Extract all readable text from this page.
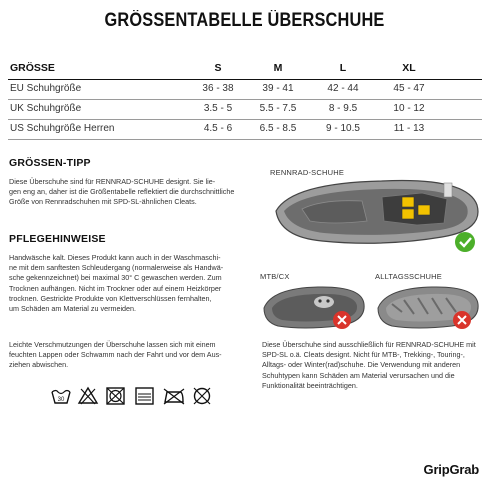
GRÖSSENTABELLE ÜBERSCHUHE
GRÖSSE	S	M	L	XL
EU Schuhgröße	36 - 38	39 - 41	42 - 44	45 - 47
UK Schuhgröße	3.5 - 5	5.5 - 7.5	8 - 9.5	10 - 12
US Schuhgröße Herren	4.5 - 6	6.5 - 8.5	9 - 10.5	11 - 13
GRÖSSEN-TIPP
Diese Überschuhe sind für RENNRAD-SCHUHE designt. Sie lie-
gen eng an, daher ist die Größentabelle reflektiert die durchschnittliche
Größe von Rennradschuhen mit SPD-SL-ähnlichen Cleats.
PFLEGEHINWEISE
Handwäsche kalt. Dieses Produkt kann auch in der Waschmaschi-
ne mit dem sanftesten Schleudergang (normalerweise als Handwä-
sche gekennzeichnet) bei maximal 30° C gewaschen werden. Zum
Trocknen aufhängen. Nicht im Trockner oder auf einem Heizkörper
trocknen. Gestrickte Produkte von Klettverschlüssen fernhalten,
um Schäden am Material zu vermeiden.
Leichte Verschmutzungen der Überschuhe lassen sich mit einem
feuchten Lappen oder Schwamm nach der Fahrt und vor dem Aus-
ziehen abwischen.
30
RENNRAD-SCHUHE
MTB/CX	ALLTAGSSCHUHE
Diese Überschuhe sind ausschließlich für RENNRAD-SCHUHE mit
SPD-SL o.ä. Cleats designt. Nicht für MTB-, Trekking-, Touring-,
Alltags- oder Winter(rad)schuhe. Die Verwendung mit anderen
Schuhtypen kann Schäden am Material verursachen und die
Funktionalität beeinträchtigen.
GripGrab
